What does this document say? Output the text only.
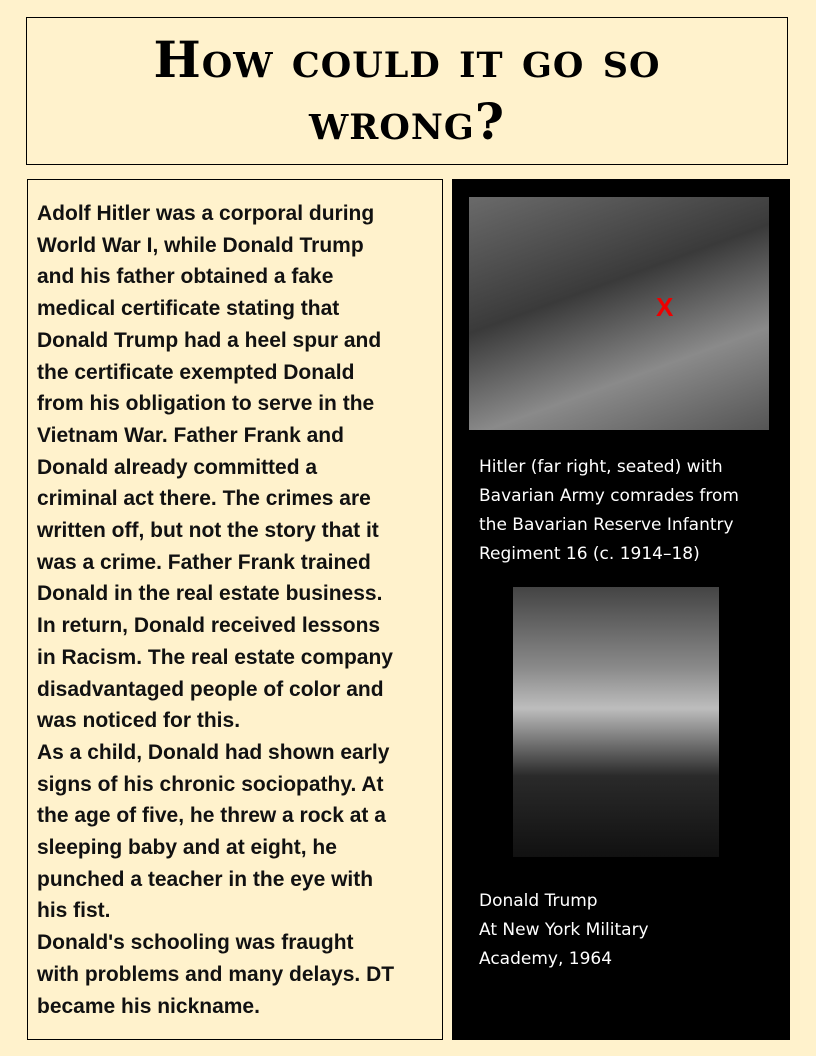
How could it go so wrong?
Adolf Hitler was a corporal during
World War I, while Donald Trump
and his father obtained a fake
medical certificate stating that
Donald Trump had a heel spur and
the certificate exempted Donald
from his obligation to serve in the
Vietnam War. Father Frank and
Donald already committed a
criminal act there. The crimes are
written off, but not the story that it
was a crime. Father Frank trained
Donald in the real estate business.
In return, Donald received lessons
in Racism. The real estate company
disadvantaged people of color and
was noticed for this.
As a child, Donald had shown early
signs of his chronic sociopathy. At
the age of five, he threw a rock at a
sleeping baby and at eight, he
punched a teacher in the eye with
his fist.
Donald's schooling was fraught
with problems and many delays. DT
became his nickname.
X
Hitler (far right, seated) with
Bavarian Army comrades from
the Bavarian Reserve Infantry
Regiment 16 (c. 1914–18)
Donald Trump
At New York Military
Academy, 1964
